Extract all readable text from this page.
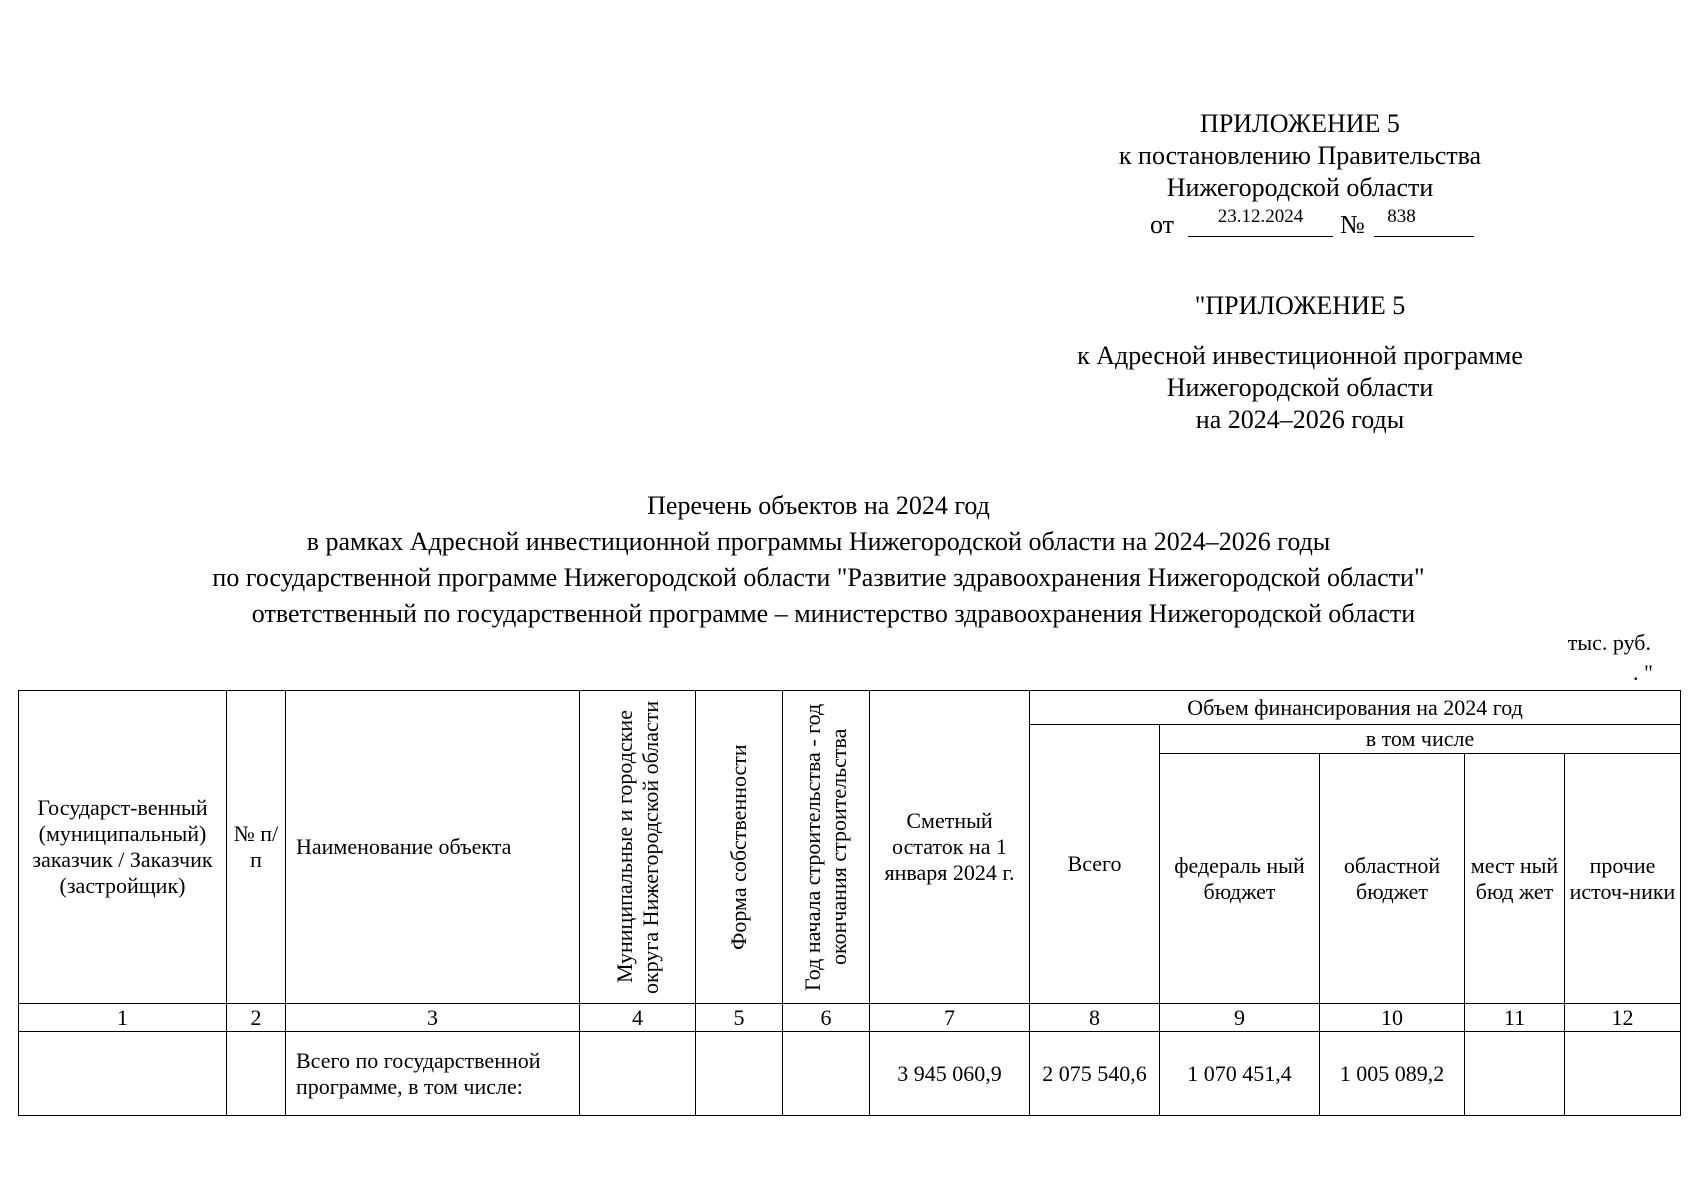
ПРИЛОЖЕНИЕ 5
к постановлению Правительства
Нижегородской области
от	23.12.2024	№	838
"ПРИЛОЖЕНИЕ 5
к Адресной инвестиционной программе
Нижегородской области
на 2024–2026 годы
Перечень объектов на 2024 год
в рамках Адресной инвестиционной программы Нижегородской области на 2024–2026 годы
по государственной программе Нижегородской области "Развитие здравоохранения Нижегородской области"
ответственный по государственной программе – министерство здравоохранения Нижегородской области
тыс. руб.
. "
Государст-венный (муниципальный) заказчик / Заказчик (застройщик)	№ п/п	Наименование объекта	Муниципальные и городские округа Нижегородской области	Форма собственности	Год начала строительства - год окончания строительства	Сметный остаток на 1 января 2024 г.	Объем финансирования на 2024 год				
							Всего	в том числе			
								федераль ный бюджет	областной бюджет	мест ный бюд жет	прочие источ-ники
1	2	3	4	5	6	7	8	9	10	11	12
		Всего по государственной программе, в том числе:				3 945 060,9	2 075 540,6	1 070 451,4	1 005 089,2		
